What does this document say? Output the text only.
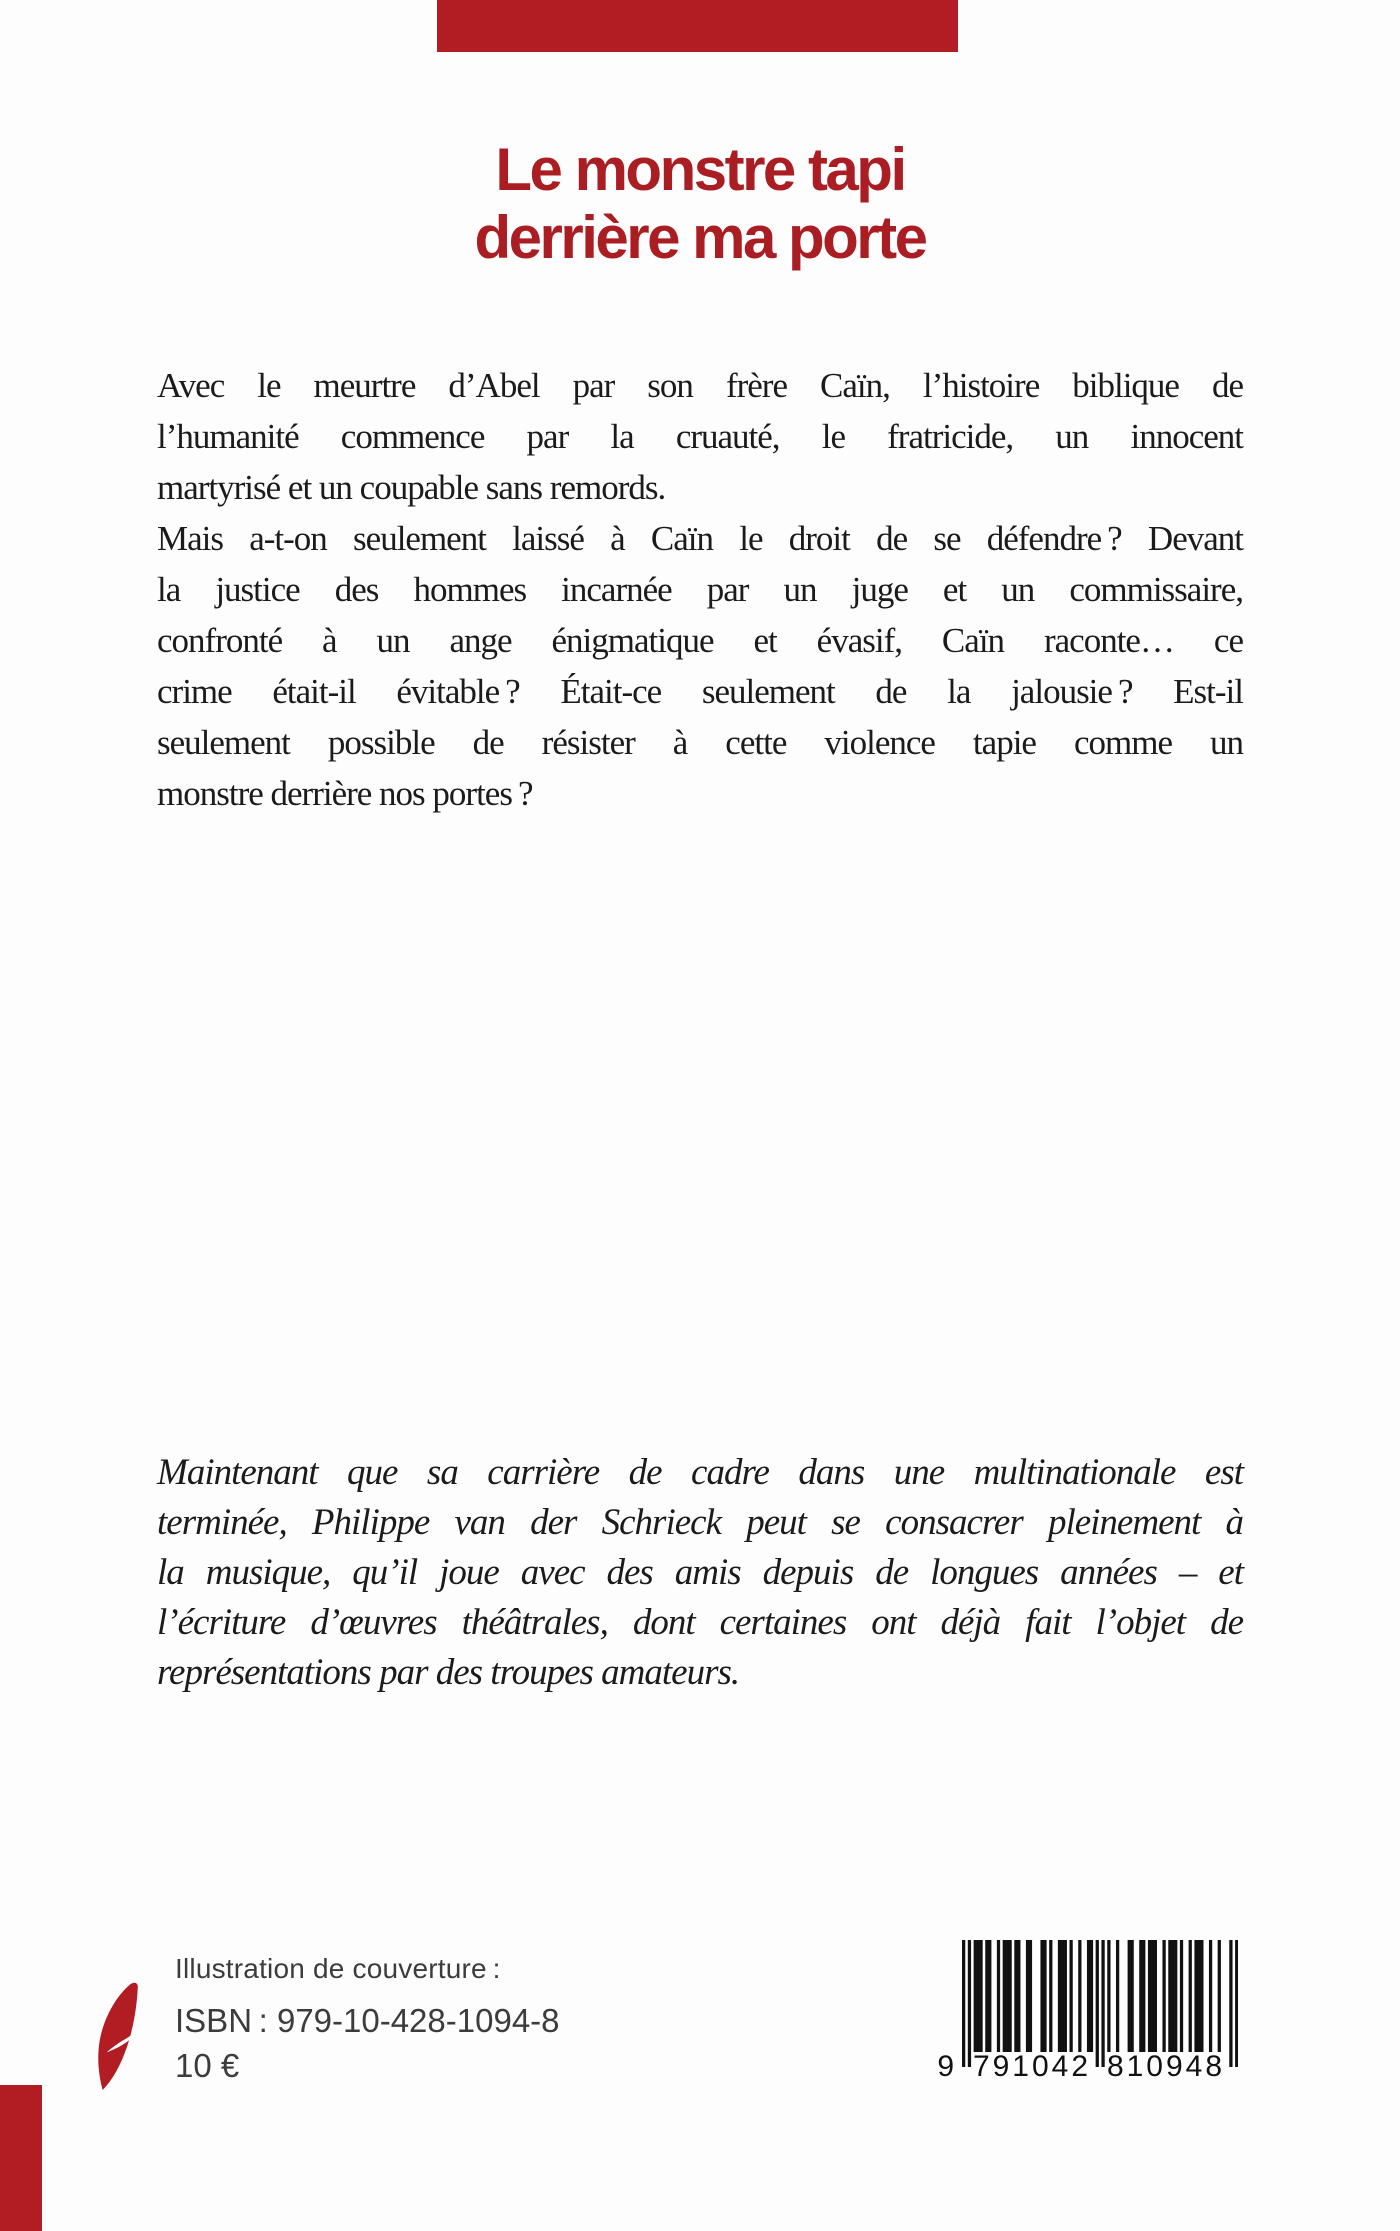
Le monstre tapi
derrière ma porte
Avec le meurtre d’Abel par son frère Caïn, l’histoire biblique de
l’humanité commence par la cruauté, le fratricide, un innocent
martyrisé et un coupable sans remords.
Mais a-t-on seulement laissé à Caïn le droit de se défendre ? Devant
la justice des hommes incarnée par un juge et un commissaire,
confronté à un ange énigmatique et évasif, Caïn raconte… ce
crime était-il évitable ? Était-ce seulement de la jalousie ? Est-il
seulement possible de résister à cette violence tapie comme un
monstre derrière nos portes ?
Maintenant que sa carrière de cadre dans une multinationale est
terminée, Philippe van der Schrieck peut se consacrer pleinement à
la musique, qu’il joue avec des amis depuis de longues années – et
l’écriture d’œuvres théâtrales, dont certaines ont déjà fait l’objet de
représentations par des troupes amateurs.
Illustration de couverture :
ISBN : 979-10-428-1094-8
10 €	9 791042 810948
